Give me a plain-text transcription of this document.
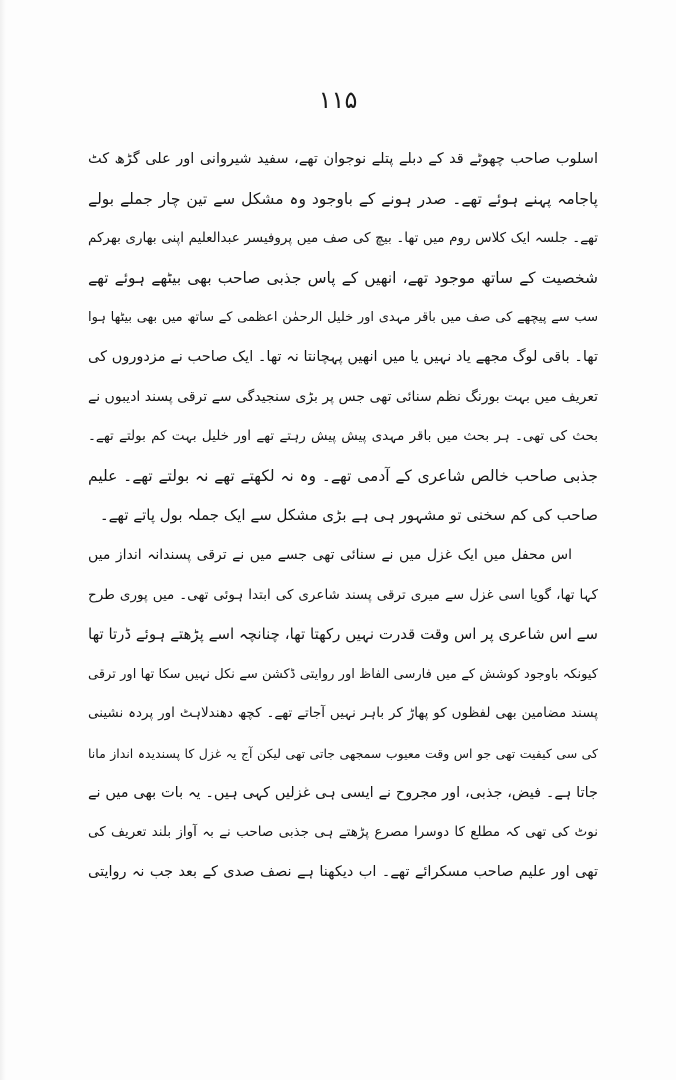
۱۱۵
اسلوب صاحب چھوٹے قد کے دبلے پتلے نوجوان تھے، سفید شیروانی اور علی گڑھ کٹ
پاجامہ پہنے ہوئے تھے۔ صدر ہونے کے باوجود وہ مشکل سے تین چار جملے بولے
تھے۔ جلسہ ایک کلاس روم میں تھا۔ بیچ کی صف میں پروفیسر عبدالعلیم اپنی بھاری بھرکم
شخصیت کے ساتھ موجود تھے، انھیں کے پاس جذبی صاحب بھی بیٹھے ہوئے تھے
سب سے پیچھے کی صف میں باقر مہدی اور خلیل الرحمٰن اعظمی کے ساتھ میں بھی بیٹھا ہوا
تھا۔ باقی لوگ مجھے یاد نہیں یا میں انھیں پہچانتا نہ تھا۔ ایک صاحب نے مزدوروں کی
تعریف میں بہت بورنگ نظم سنائی تھی جس پر بڑی سنجیدگی سے ترقی پسند ادیبوں نے
بحث کی تھی۔ ہر بحث میں باقر مہدی پیش پیش رہتے تھے اور خلیل بہت کم بولتے تھے۔
جذبی صاحب خالص شاعری کے آدمی تھے۔ وہ نہ لکھتے تھے نہ بولتے تھے۔ علیم
صاحب کی کم سخنی تو مشہور ہی ہے بڑی مشکل سے ایک جملہ بول پاتے تھے۔
اس محفل میں ایک غزل میں نے سنائی تھی جسے میں نے ترقی پسندانہ انداز میں
کہا تھا، گویا اسی غزل سے میری ترقی پسند شاعری کی ابتدا ہوئی تھی۔ میں پوری طرح
سے اس شاعری پر اس وقت قدرت نہیں رکھتا تھا، چنانچہ اسے پڑھتے ہوئے ڈرتا تھا
کیونکہ باوجود کوشش کے میں فارسی الفاظ اور روایتی ڈکشن سے نکل نہیں سکا تھا اور ترقی
پسند مضامین بھی لفظوں کو پھاڑ کر باہر نہیں آجاتے تھے۔ کچھ دھندلاہٹ اور پردہ نشینی
کی سی کیفیت تھی جو اس وقت معیوب سمجھی جاتی تھی لیکن آج یہ غزل کا پسندیدہ انداز مانا
جاتا ہے۔ فیض، جذبی، اور مجروح نے ایسی ہی غزلیں کہی ہیں۔ یہ بات بھی میں نے
نوٹ کی تھی کہ مطلع کا دوسرا مصرع پڑھتے ہی جذبی صاحب نے بہ آواز بلند تعریف کی
تھی اور علیم صاحب مسکرائے تھے۔ اب دیکھنا ہے نصف صدی کے بعد جب نہ روایتی
